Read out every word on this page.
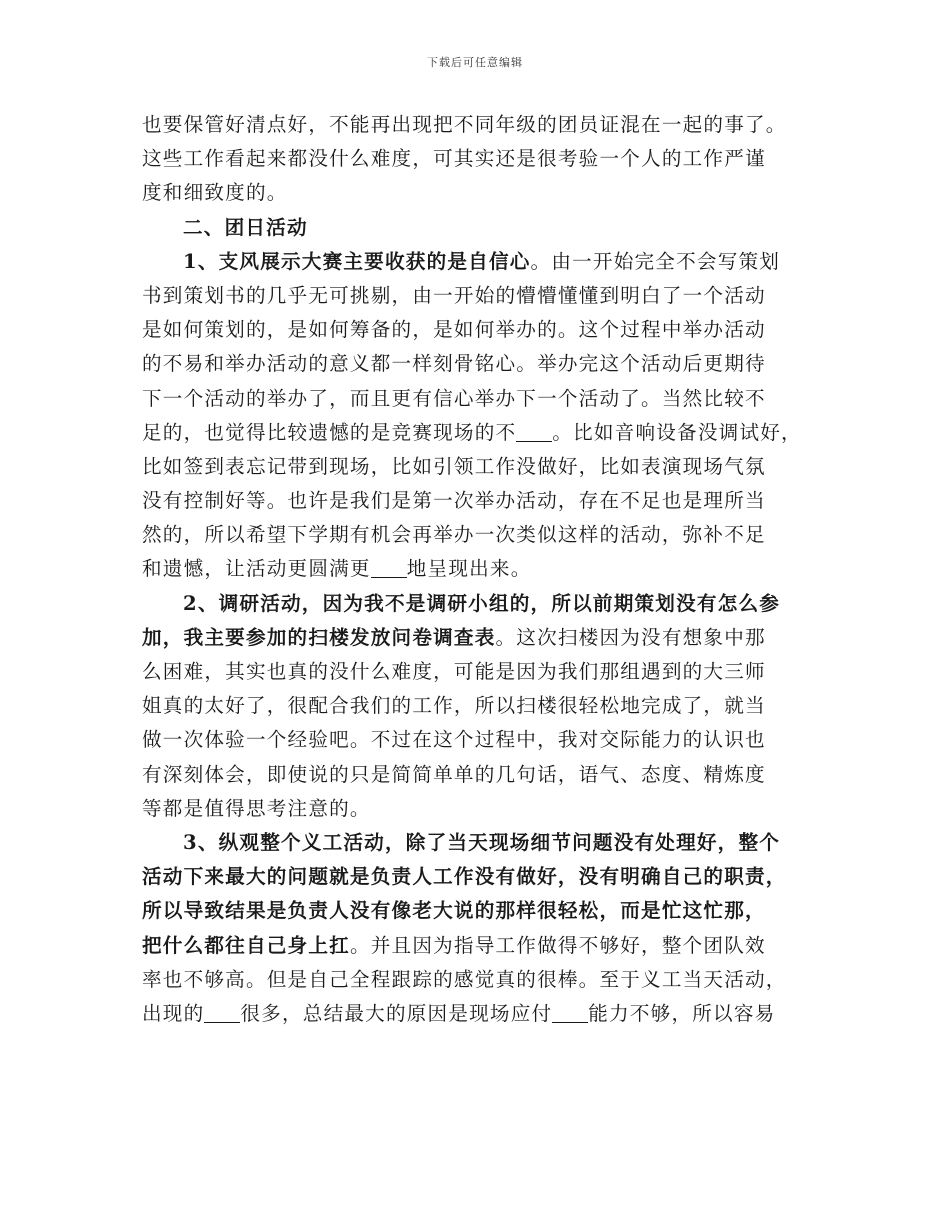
下载后可任意编辑
也要保管好清点好，不能再出现把不同年级的团员证混在一起的事了。
这些工作看起来都没什么难度，可其实还是很考验一个人的工作严谨
度和细致度的。
二、团日活动
1、支风展示大赛主要收获的是自信心。由一开始完全不会写策划
书到策划书的几乎无可挑剔，由一开始的懵懵懂懂到明白了一个活动
是如何策划的，是如何筹备的，是如何举办的。这个过程中举办活动
的不易和举办活动的意义都一样刻骨铭心。举办完这个活动后更期待
下一个活动的举办了，而且更有信心举办下一个活动了。当然比较不
足的，也觉得比较遗憾的是竞赛现场的不 。比如音响设备没调试好，
比如签到表忘记带到现场，比如引领工作没做好，比如表演现场气氛
没有控制好等。也许是我们是第一次举办活动，存在不足也是理所当
然的，所以希望下学期有机会再举办一次类似这样的活动，弥补不足
和遗憾，让活动更圆满更 地呈现出来。
2、调研活动，因为我不是调研小组的，所以前期策划没有怎么参
加，我主要参加的扫楼发放问卷调查表。这次扫楼因为没有想象中那
么困难，其实也真的没什么难度，可能是因为我们那组遇到的大三师
姐真的太好了，很配合我们的工作，所以扫楼很轻松地完成了，就当
做一次体验一个经验吧。不过在这个过程中，我对交际能力的认识也
有深刻体会，即使说的只是简简单单的几句话，语气、态度、精炼度
等都是值得思考注意的。
3、纵观整个义工活动，除了当天现场细节问题没有处理好，整个
活动下来最大的问题就是负责人工作没有做好，没有明确自己的职责，
所以导致结果是负责人没有像老大说的那样很轻松，而是忙这忙那，
把什么都往自己身上扛。并且因为指导工作做得不够好，整个团队效
率也不够高。但是自己全程跟踪的感觉真的很棒。至于义工当天活动，
出现的 很多，总结最大的原因是现场应付 能力不够，所以容易
